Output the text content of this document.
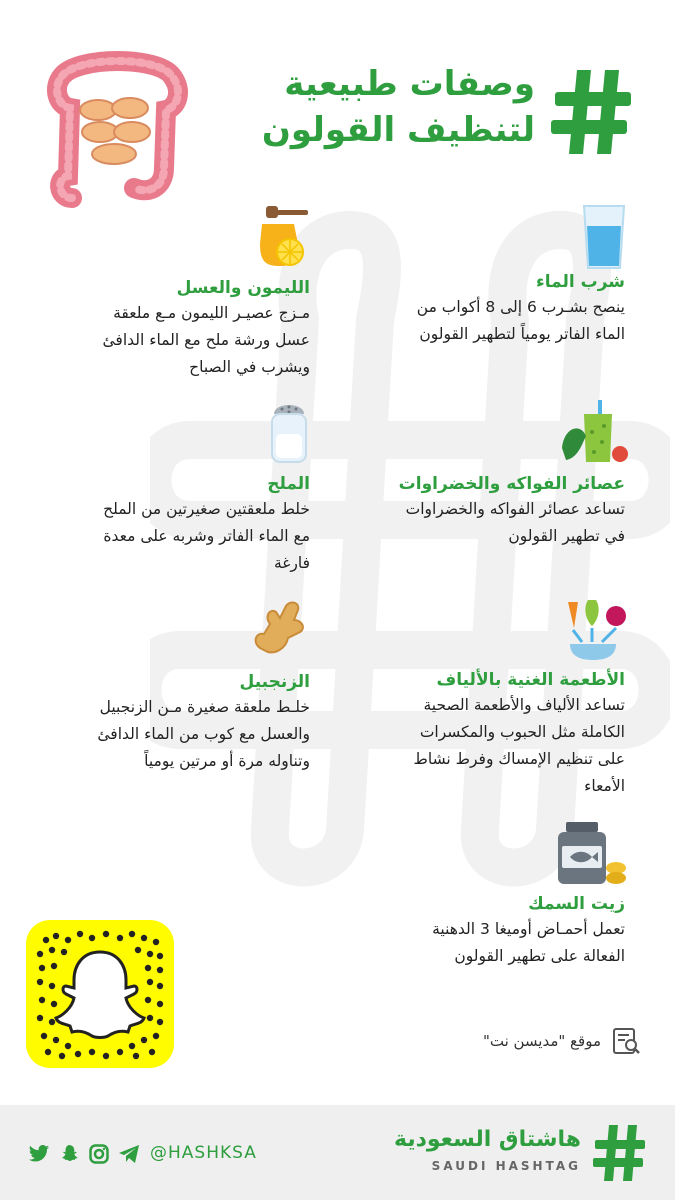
وصفات طبيعية
لتنظيف القولون
شرب الماء
ينصح بشـرب 6 إلى 8 أكواب من
الماء الفاتر يومياً لتطهير القولون
الليمون والعسل
مـزج عصيـر الليمون مـع ملعقة
عسل ورشة ملح مع الماء الدافئ
ويشرب في الصباح
عصائر الفواكه والخضراوات
تساعد عصائر الفواكه والخضراوات
في تطهير القولون
الملح
خلط ملعقتين صغيرتين من الملح
مع الماء الفاتر وشربه على معدة
فارغة
الأطعمة الغنية بالألياف
تساعد الألياف والأطعمة الصحية
الكاملة مثل الحبوب والمكسرات
على تنظيم الإمساك وفرط نشاط
الأمعاء
الزنجبيل
خلـط ملعقة صغيرة مـن الزنجبيل
والعسل مع كوب من الماء الدافئ
وتناوله مرة أو مرتين يومياً
زيت السمك
تعمل أحمـاض أوميغا 3 الدهنية
الفعالة على تطهير القولون
موقع "مديسن نت"
هاشتاق السعودية
SAUDI HASHTAG
@HASHKSA
